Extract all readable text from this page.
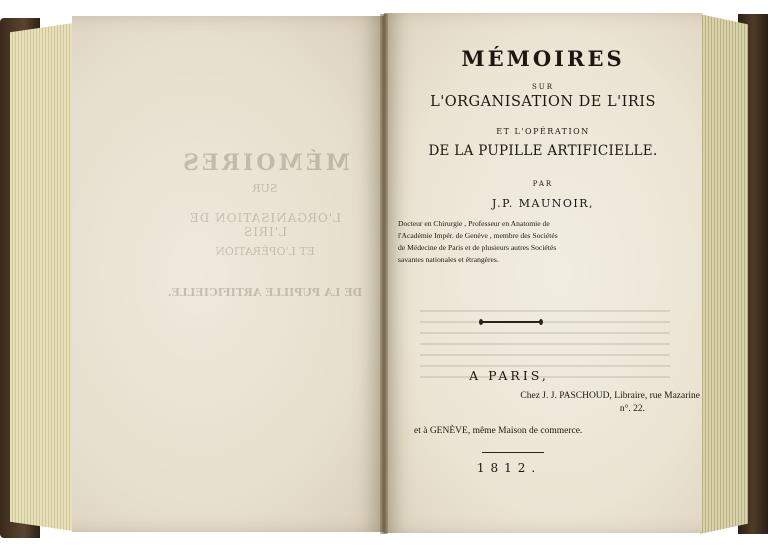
MÉMOIRES
SUR
L'ORGANISATION DE L'IRIS
ET L'OPÉRATION
DE LA PUPILLE ARTIFICIELLE.
MÉMOIRES
SUR
L'ORGANISATION DE L'IRIS
ET L'OPÉRATION
DE LA PUPILLE ARTIFICIELLE.
PAR
J.P. MAUNOIR,
Docteur en Chirurgie , Professeur en Anatomie de
l'Académie Impér. de Genève , membre des Sociétés
de Médecine de Paris et de plusieurs autres Sociétés
savantes nationales et étrangères.
A PARIS,
Chez J. J. PASCHOUD, Libraire, rue Mazarine
n°. 22.
et à GENÈVE, même Maison de commerce.
1812.
